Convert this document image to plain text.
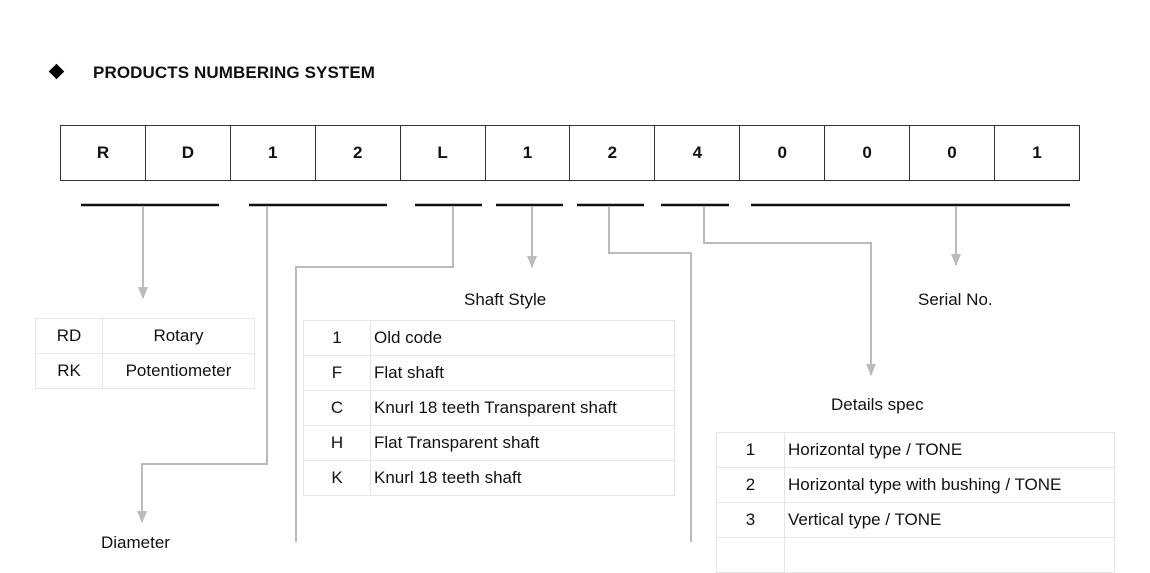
PRODUCTS NUMBERING SYSTEM
R	D	1	2	L	1	2	4	0	0	0	1
RD	Rotary
RK	Potentiometer
Shaft Style
1	Old code
F	Flat shaft
C	Knurl 18 teeth Transparent shaft
H	Flat Transparent shaft
K	Knurl 18 teeth shaft
Serial No.
Details spec
1	Horizontal type / TONE
2	Horizontal type with bushing / TONE
3	Vertical type / TONE

Diameter
